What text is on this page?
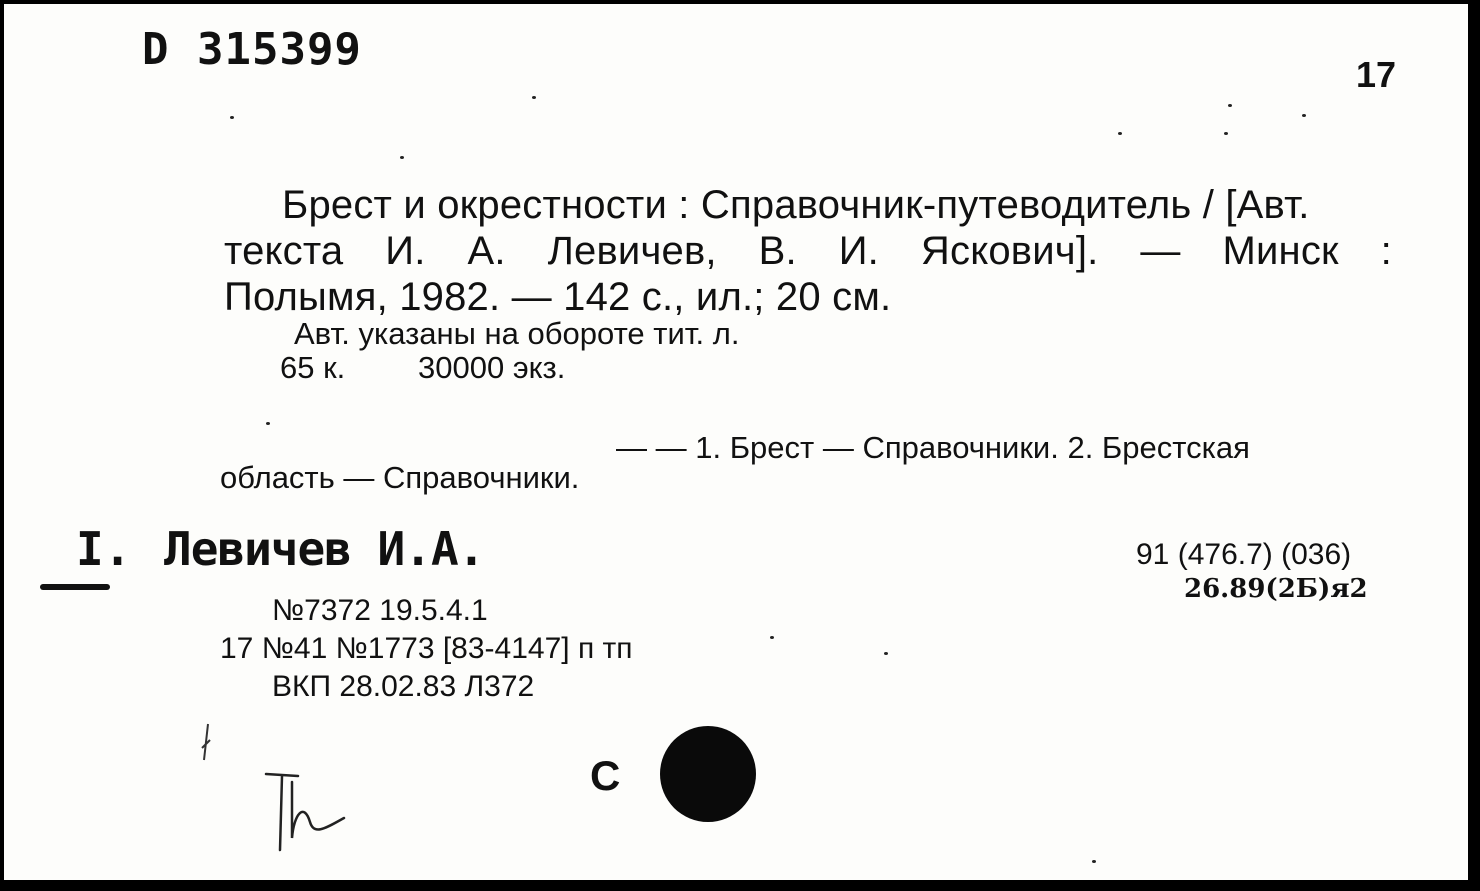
D 315399	17
Брест и окрестности : Справочник-путеводитель / [Авт.
текста И. А. Левичев, В. И. Яскович]. — Минск :
Полымя, 1982. — 142 с., ил.; 20 см.
Авт. указаны на обороте тит. л.
65 к. 30000 экз.
— — 1. Брест — Справочники. 2. Брестская
область — Справочники.
I. Левичев И.А.	91 (476.7) (036)
26.89(2Б)я2
№7372 19.5.4.1
17 №41 №1773 [83-4147] п тп
ВКП 28.02.83 Л372
С
